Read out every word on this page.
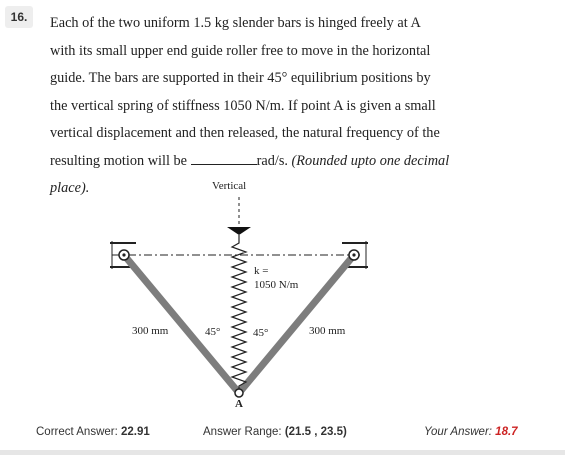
16.	Each of the two uniform 1.5 kg slender bars is hinged freely at A
with its small upper end guide roller free to move in the horizontal
guide. The bars are supported in their 45° equilibrium positions by
the vertical spring of stiffness 1050 N/m. If point A is given a small
vertical displacement and then released, the natural frequency of the
resulting motion will be	rad/s. (Rounded upto one decimal
place).	Vertical
k =
1050 N/m
300 mm	45°	45°	300 mm
A
Correct Answer: 22.91	Answer Range: (21.5 , 23.5)	Your Answer: 18.7
